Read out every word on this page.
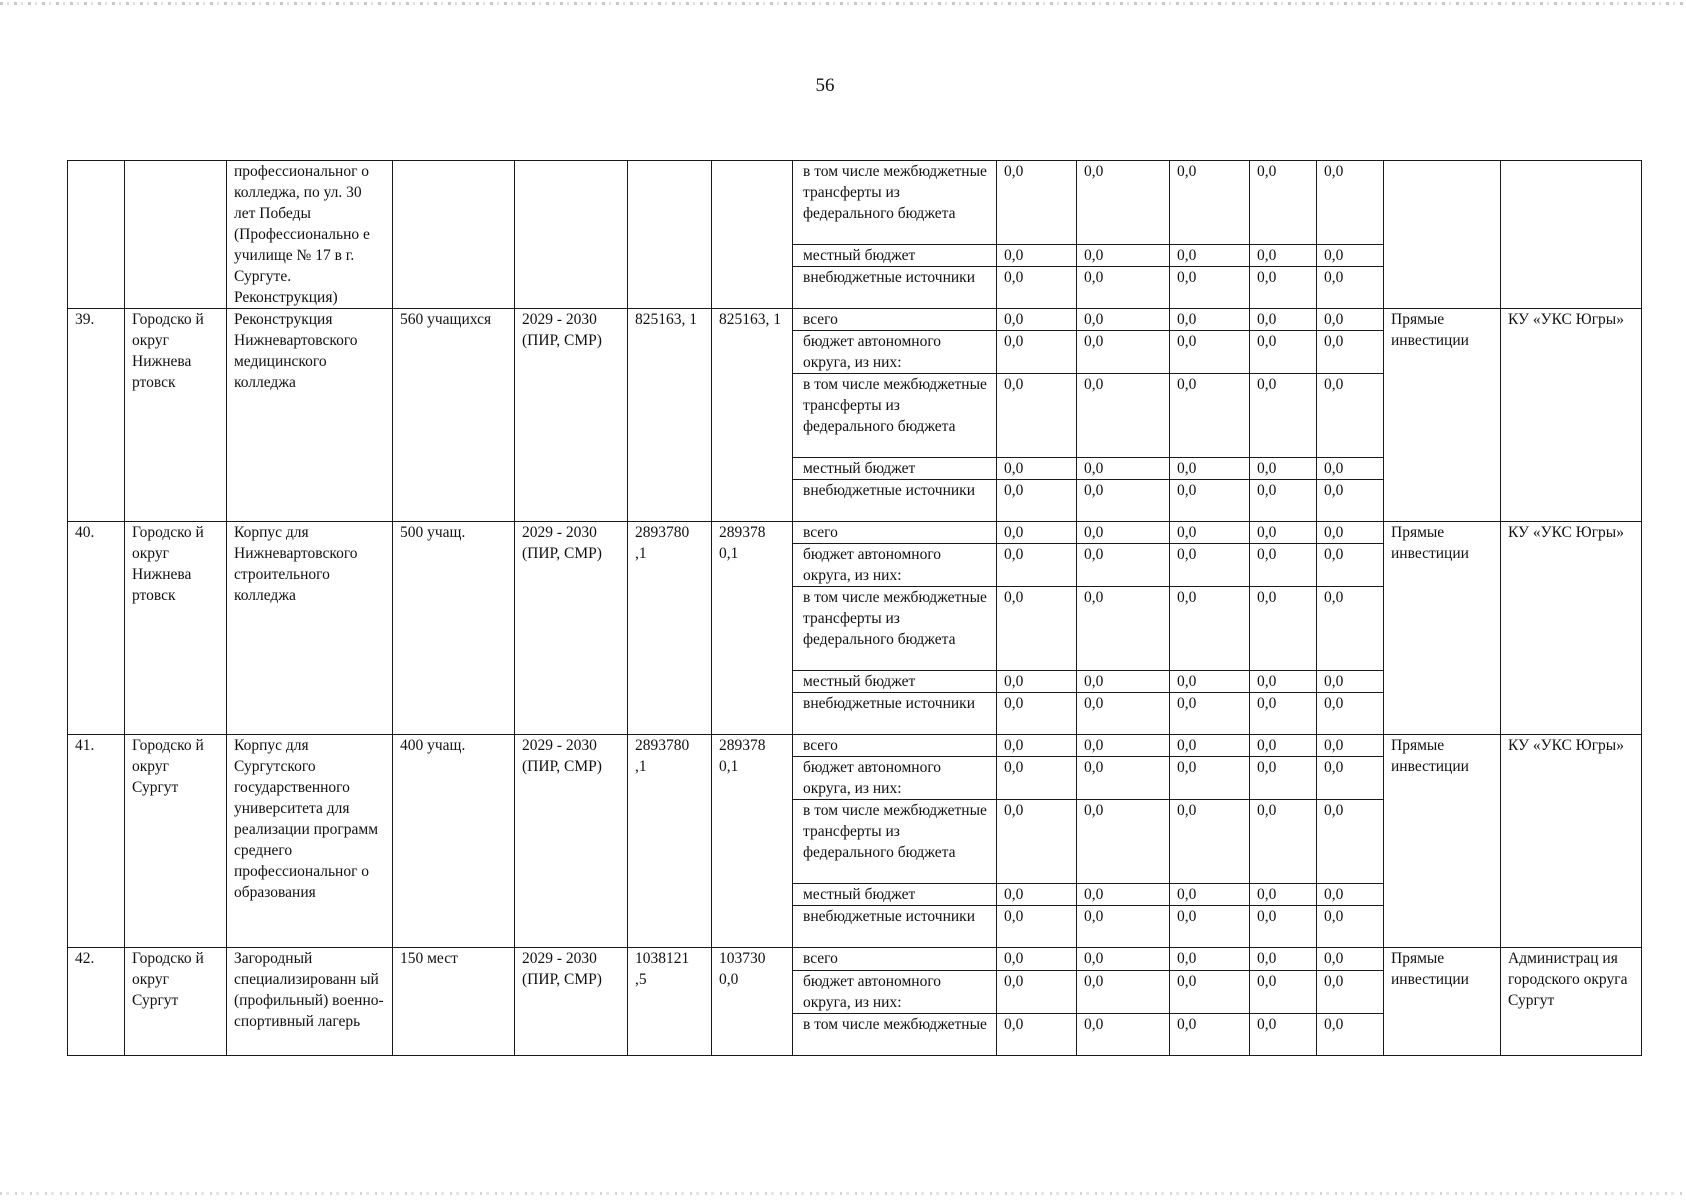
56
		профессиональног о колледжа, по ул. 30 лет Победы (Профессионально е училище № 17 в г. Сургуте. Реконструкция)					в том числе межбюджетные трансферты из федерального бюджета	0,0	0,0	0,0	0,0	0,0		
							местный бюджет	0,0	0,0	0,0	0,0	0,0		
							внебюджетные источники	0,0	0,0	0,0	0,0	0,0		
39.	Городско й округ Нижнева ртовск	Реконструкция Нижневартовского медицинского колледжа	560 учащихся	2029 - 2030 (ПИР, СМР)	825163, 1	825163, 1	всего	0,0	0,0	0,0	0,0	0,0	Прямые инвестиции	КУ «УКС Югры»
							бюджет автономного округа, из них:	0,0	0,0	0,0	0,0	0,0		
							в том числе межбюджетные трансферты из федерального бюджета	0,0	0,0	0,0	0,0	0,0		
							местный бюджет	0,0	0,0	0,0	0,0	0,0		
							внебюджетные источники	0,0	0,0	0,0	0,0	0,0		
40.	Городско й округ Нижнева ртовск	Корпус для Нижневартовского строительного колледжа	500 учащ.	2029 - 2030 (ПИР, СМР)	2893780 ,1	289378 0,1	всего	0,0	0,0	0,0	0,0	0,0	Прямые инвестиции	КУ «УКС Югры»
							бюджет автономного округа, из них:	0,0	0,0	0,0	0,0	0,0		
							в том числе межбюджетные трансферты из федерального бюджета	0,0	0,0	0,0	0,0	0,0		
							местный бюджет	0,0	0,0	0,0	0,0	0,0		
							внебюджетные источники	0,0	0,0	0,0	0,0	0,0		
41.	Городско й округ Сургут	Корпус для Сургутского государственного университета для реализации программ среднего профессиональног о образования	400 учащ.	2029 - 2030 (ПИР, СМР)	2893780 ,1	289378 0,1	всего	0,0	0,0	0,0	0,0	0,0	Прямые инвестиции	КУ «УКС Югры»
							бюджет автономного округа, из них:	0,0	0,0	0,0	0,0	0,0		
							в том числе межбюджетные трансферты из федерального бюджета	0,0	0,0	0,0	0,0	0,0		
							местный бюджет	0,0	0,0	0,0	0,0	0,0		
							внебюджетные источники	0,0	0,0	0,0	0,0	0,0		
42.	Городско й округ Сургут	Загородный специализированн ый (профильный) военно- спортивный лагерь	150 мест	2029 - 2030 (ПИР, СМР)	1038121 ,5	103730 0,0	всего	0,0	0,0	0,0	0,0	0,0	Прямые инвестиции	Администрац ия городского округа Сургут
							бюджет автономного округа, из них:	0,0	0,0	0,0	0,0	0,0		
							в том числе межбюджетные	0,0	0,0	0,0	0,0	0,0		
